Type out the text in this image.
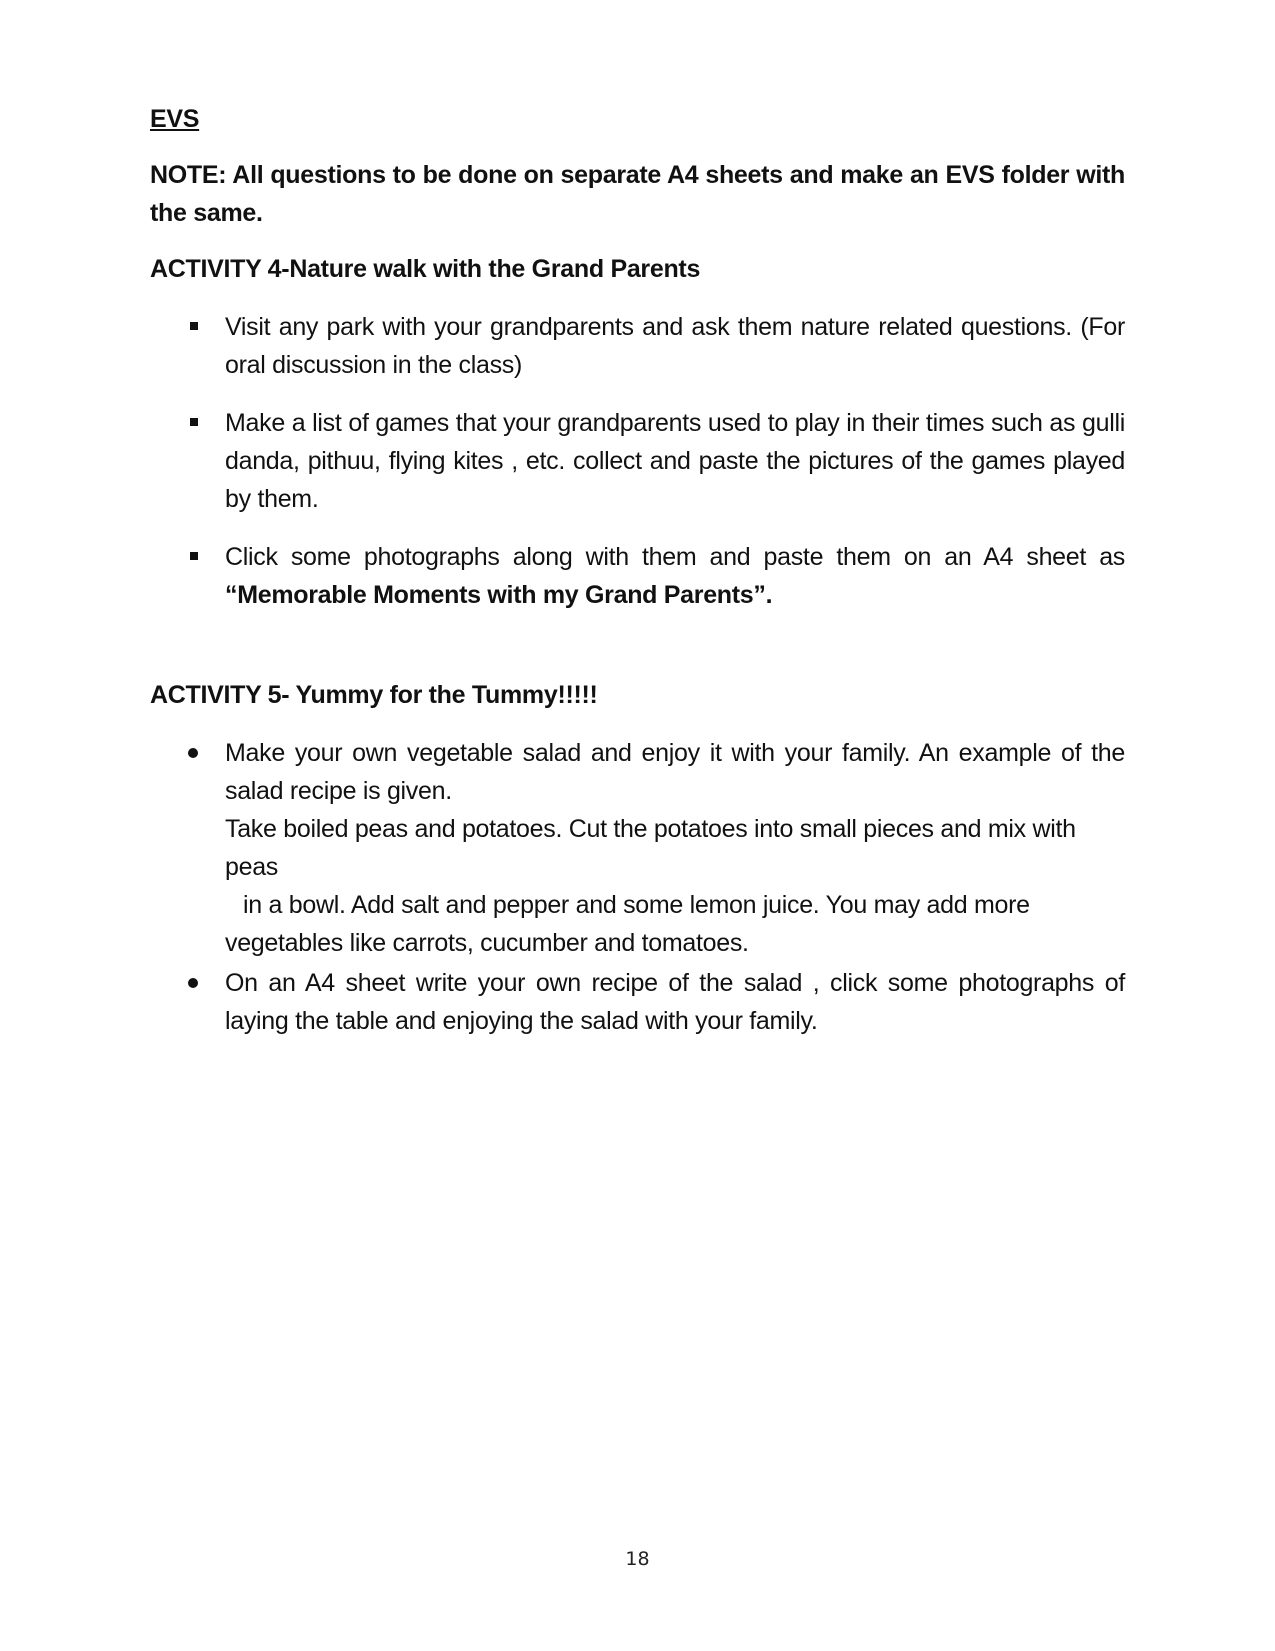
EVS
NOTE: All questions to be done on separate A4 sheets and make an EVS folder with the same.
ACTIVITY 4-Nature walk with the Grand Parents
Visit any park with your grandparents and ask them nature related questions. (For oral discussion in the class)
Make a list of games that your grandparents used to play in their times such as gulli danda, pithuu, flying kites , etc. collect and paste the pictures of the games played by them.
Click some photographs along with them and paste them on an A4 sheet as “Memorable Moments with my Grand Parents”.
ACTIVITY 5- Yummy for the Tummy!!!!!
Make your own vegetable salad and enjoy it with your family. An example of the salad recipe is given.
Take boiled peas and potatoes. Cut the potatoes into small pieces and mix with peas
in a bowl. Add salt and pepper and some lemon juice. You may add more
vegetables like carrots, cucumber and tomatoes.
On an A4 sheet write your own recipe of the salad , click some photographs of laying the table and enjoying the salad with your family.
18
